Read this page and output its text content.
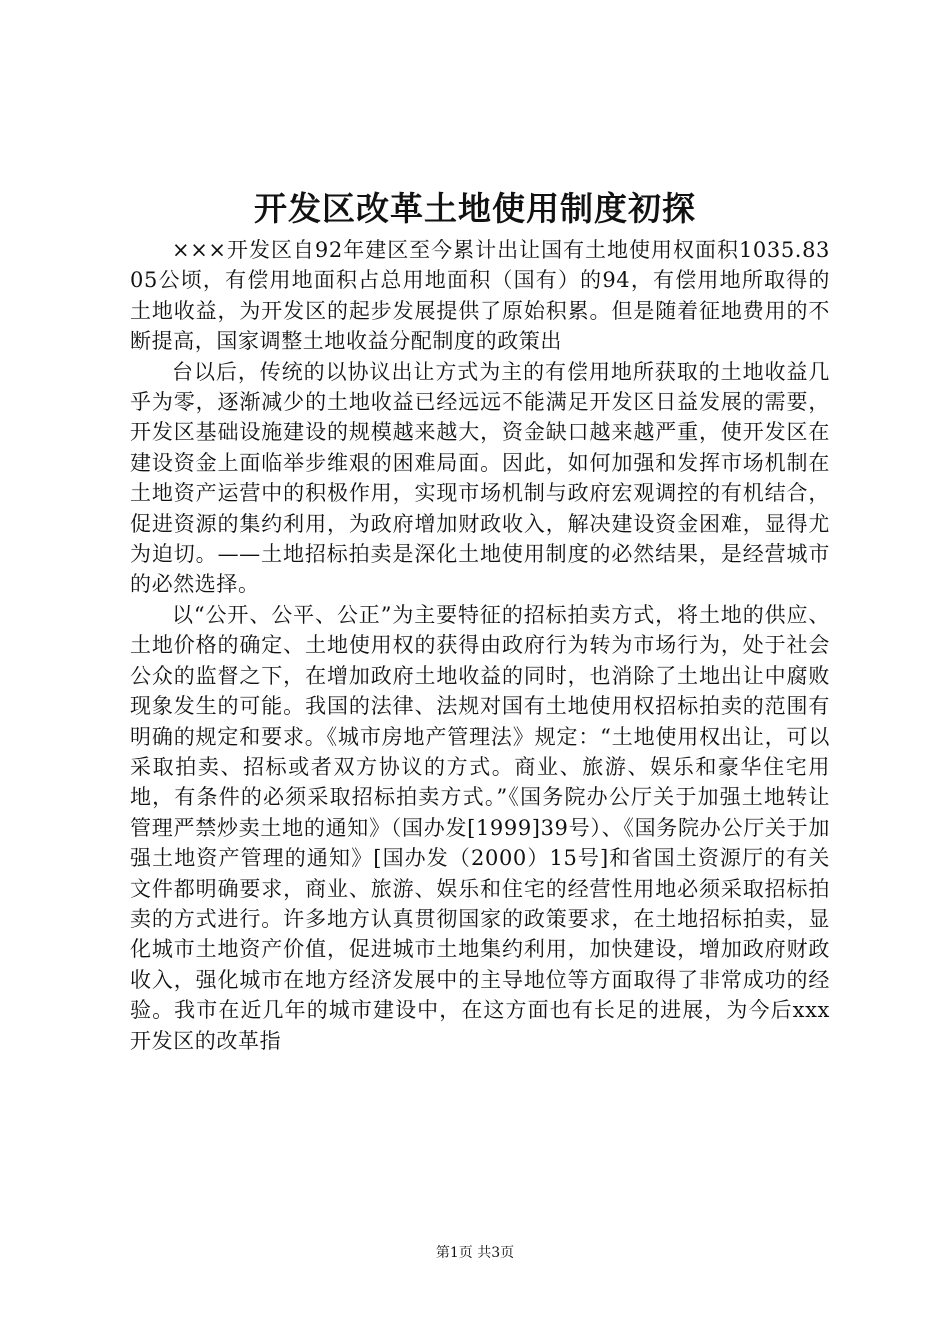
开发区改革土地使用制度初探

×××开发区自92年建区至今累计出让国有土地使用权面积1035.8305公顷，有偿用地面积占总用地面积（国有）的94，有偿用地所取得的土地收益，为开发区的起步发展提供了原始积累。但是随着征地费用的不断提高，国家调整土地收益分配制度的政策出

台以后，传统的以协议出让方式为主的有偿用地所获取的土地收益几乎为零，逐渐减少的土地收益已经远远不能满足开发区日益发展的需要，开发区基础设施建设的规模越来越大，资金缺口越来越严重，使开发区在建设资金上面临举步维艰的困难局面。因此，如何加强和发挥市场机制在土地资产运营中的积极作用，实现市场机制与政府宏观调控的有机结合，促进资源的集约利用，为政府增加财政收入，解决建设资金困难，显得尤为迫切。——土地招标拍卖是深化土地使用制度的必然结果，是经营城市的必然选择。

以“公开、公平、公正”为主要特征的招标拍卖方式，将土地的供应、土地价格的确定、土地使用权的获得由政府行为转为市场行为，处于社会公众的监督之下，在增加政府土地收益的同时，也消除了土地出让中腐败现象发生的可能。我国的法律、法规对国有土地使用权招标拍卖的范围有明确的规定和要求。《城市房地产管理法》规定：“土地使用权出让，可以采取拍卖、招标或者双方协议的方式。商业、旅游、娱乐和豪华住宅用地，有条件的必须采取招标拍卖方式。”《国务院办公厅关于加强土地转让管理严禁炒卖土地的通知》（国办发[1999]39号）、《国务院办公厅关于加强土地资产管理的通知》[国办发（2000）15号]和省国土资源厅的有关文件都明确要求，商业、旅游、娱乐和住宅的经营性用地必须采取招标拍卖的方式进行。许多地方认真贯彻国家的政策要求，在土地招标拍卖，显化城市土地资产价值，促进城市土地集约利用，加快建设，增加政府财政收入，强化城市在地方经济发展中的主导地位等方面取得了非常成功的经验。我市在近几年的城市建设中，在这方面也有长足的进展，为今后xxx开发区的改革指

第1页 共3页
